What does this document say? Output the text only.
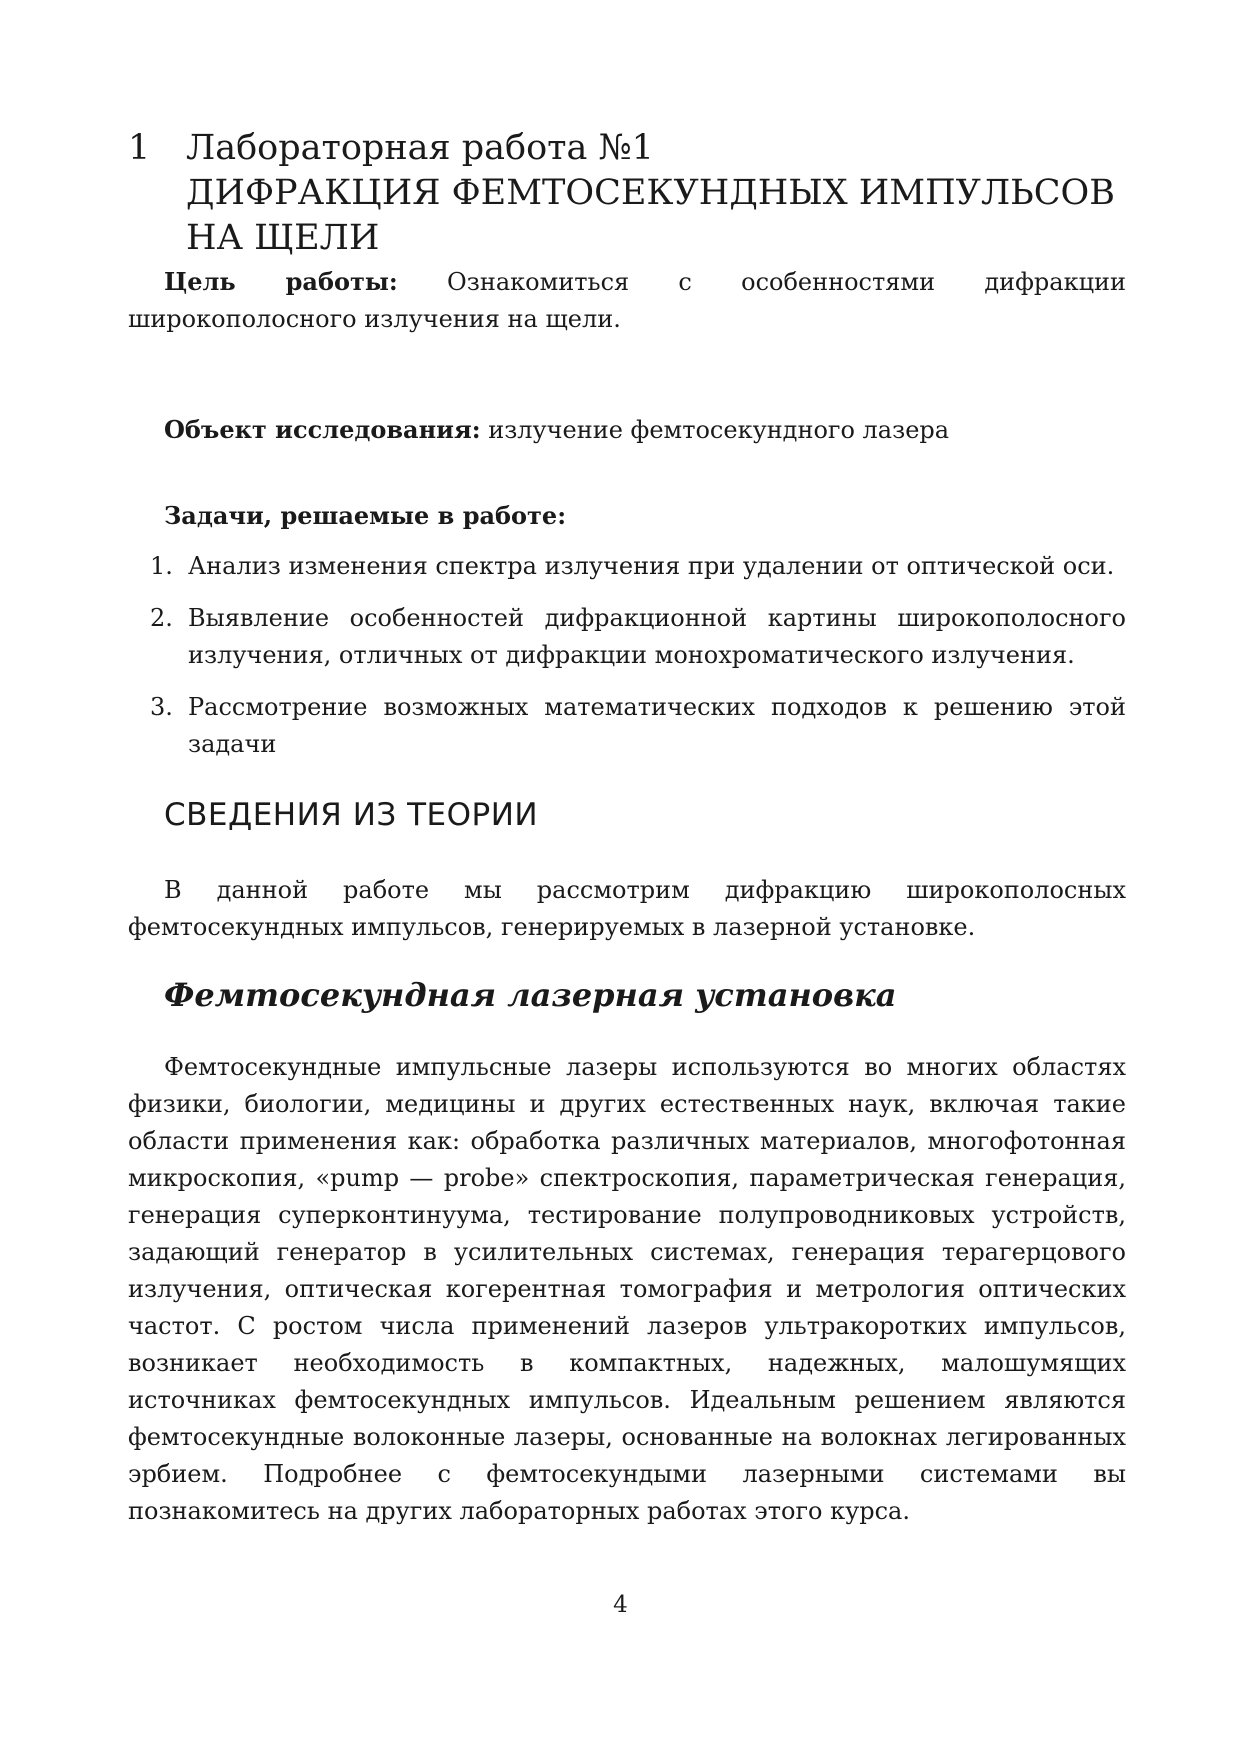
1 Лабораторная работа №1
ДИФРАКЦИЯ ФЕМТОСЕКУНДНЫХ ИМПУЛЬСОВ
НА ЩЕЛИ

Цель работы: Ознакомиться с особенностями дифракции широкополосного излучения на щели.

Объект исследования: излучение фемтосекундного лазера

Задачи, решаемые в работе:

1. Анализ изменения спектра излучения при удалении от оптической оси.
2. Выявление особенностей дифракционной картины широкополосного излучения, отличных от дифракции монохроматического излучения.
3. Рассмотрение возможных математических подходов к решению этой задачи
СВЕДЕНИЯ ИЗ ТЕОРИИ

В данной работе мы рассмотрим дифракцию широкополосных фемтосекундных импульсов, генерируемых в лазерной установке.

Фемтосекундная лазерная установка

Фемтосекундные импульсные лазеры используются во многих областях физики, биологии, медицины и других естественных наук, включая такие области применения как: обработка различных материалов, многофотонная микроскопия, «pump — probe» спектроскопия, параметрическая генерация, генерация суперконтинуума, тестирование полупроводниковых устройств, задающий генератор в усилительных системах, генерация терагерцового излучения, оптическая когерентная томография и метрология оптических частот. С ростом числа применений лазеров ультракоротких импульсов, возникает необходимость в компактных, надежных, малошумящих источниках фемтосекундных импульсов. Идеальным решением являются фемтосекундные волоконные лазеры, основанные на волокнах легированных эрбием. Подробнее с фемтосекундыми лазерными системами вы познакомитесь на других лабораторных работах этого курса.

4
